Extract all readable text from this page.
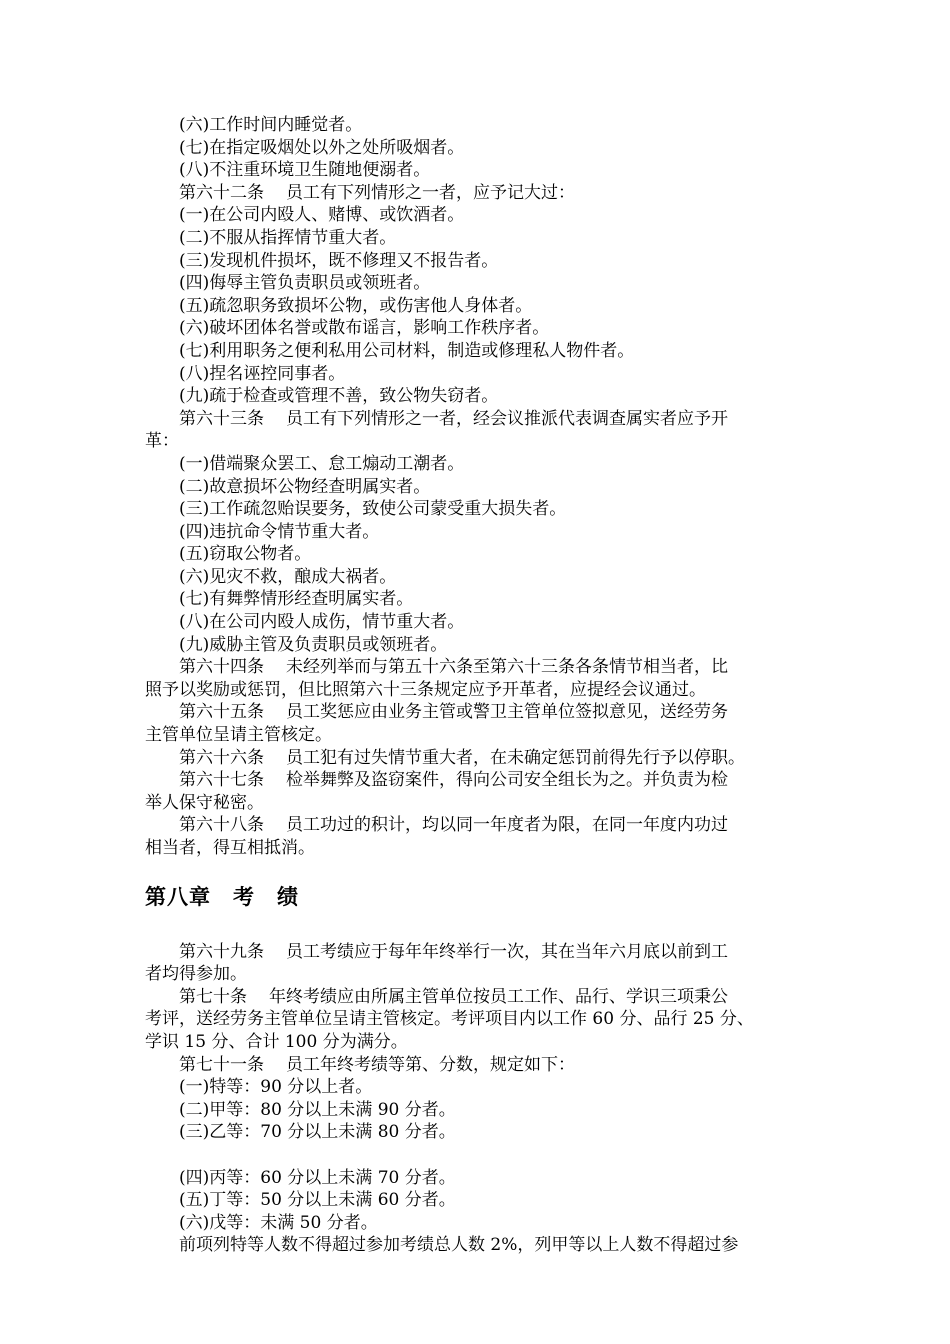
(六)工作时间内睡觉者。
(七)在指定吸烟处以外之处所吸烟者。
(八)不注重环境卫生随地便溺者。
第六十二条 员工有下列情形之一者，应予记大过：
(一)在公司内殴人、赌博、或饮酒者。
(二)不服从指挥情节重大者。
(三)发现机件损坏，既不修理又不报告者。
(四)侮辱主管负责职员或领班者。
(五)疏忽职务致损坏公物，或伤害他人身体者。
(六)破坏团体名誉或散布谣言，影响工作秩序者。
(七)利用职务之便利私用公司材料，制造或修理私人物件者。
(八)捏名诬控同事者。
(九)疏于检查或管理不善，致公物失窃者。
第六十三条 员工有下列情形之一者，经会议推派代表调查属实者应予开
革：
(一)借端聚众罢工、怠工煽动工潮者。
(二)故意损坏公物经查明属实者。
(三)工作疏忽贻误要务，致使公司蒙受重大损失者。
(四)违抗命令情节重大者。
(五)窃取公物者。
(六)见灾不救，酿成大祸者。
(七)有舞弊情形经查明属实者。
(八)在公司内殴人成伤，情节重大者。
(九)威胁主管及负责职员或领班者。
第六十四条 未经列举而与第五十六条至第六十三条各条情节相当者，比
照予以奖励或惩罚，但比照第六十三条规定应予开革者，应提经会议通过。
第六十五条 员工奖惩应由业务主管或警卫主管单位签拟意见，送经劳务
主管单位呈请主管核定。
第六十六条 员工犯有过失情节重大者，在未确定惩罚前得先行予以停职。
第六十七条 检举舞弊及盗窃案件，得向公司安全组长为之。并负责为检
举人保守秘密。
第六十八条 员工功过的积计，均以同一年度者为限，在同一年度内功过
相当者，得互相抵消。
第八章 考　绩
第六十九条 员工考绩应于每年年终举行一次，其在当年六月底以前到工
者均得参加。
第七十条 年终考绩应由所属主管单位按员工工作、品行、学识三项秉公
考评，送经劳务主管单位呈请主管核定。考评项目内以工作 60 分、品行 25 分、
学识 15 分、合计 100 分为满分。
第七十一条 员工年终考绩等第、分数，规定如下：
(一)特等：90 分以上者。
(二)甲等：80 分以上未满 90 分者。
(三)乙等：70 分以上未满 80 分者。
(四)丙等：60 分以上未满 70 分者。
(五)丁等：50 分以上未满 60 分者。
(六)戊等：未满 50 分者。
前项列特等人数不得超过参加考绩总人数 2%，列甲等以上人数不得超过参
